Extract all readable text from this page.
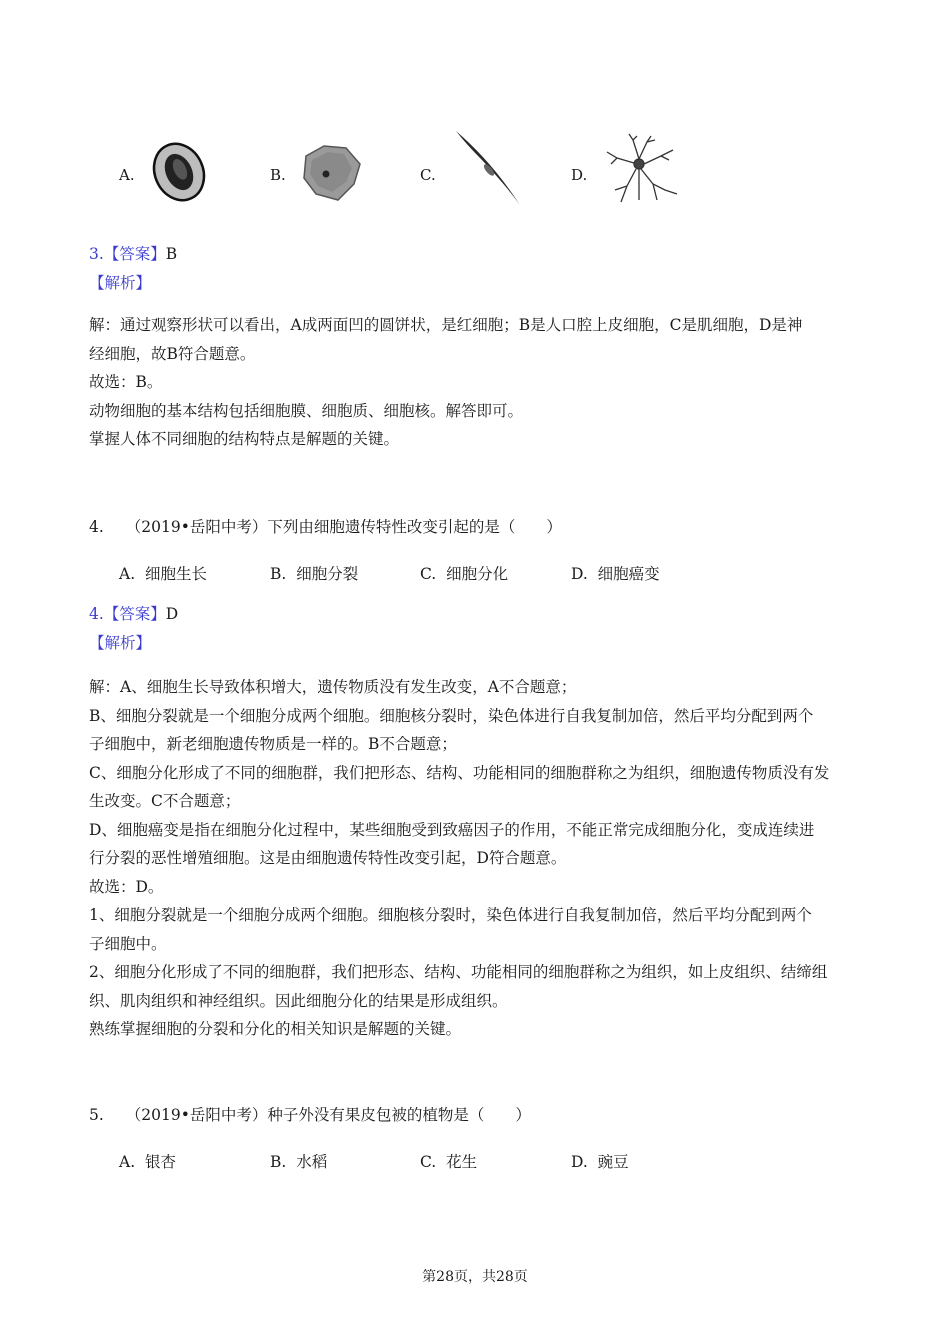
A.	B.	C.	D.
3.【答案】B
【解析】
解：通过观察形状可以看出，A成两面凹的圆饼状，是红细胞；B是人口腔上皮细胞，C是肌细胞，D是神
经细胞，故B符合题意。
故选：B。
动物细胞的基本结构包括细胞膜、细胞质、细胞核。解答即可。
掌握人体不同细胞的结构特点是解题的关键。
4. （2019•岳阳中考）下列由细胞遗传特性改变引起的是（　　）
A. 细胞生长	B. 细胞分裂	C. 细胞分化	D. 细胞癌变
4.【答案】D
【解析】
解：A、细胞生长导致体积增大，遗传物质没有发生改变，A不合题意；
B、细胞分裂就是一个细胞分成两个细胞。细胞核分裂时，染色体进行自我复制加倍，然后平均分配到两个
子细胞中，新老细胞遗传物质是一样的。B不合题意；
C、细胞分化形成了不同的细胞群，我们把形态、结构、功能相同的细胞群称之为组织，细胞遗传物质没有发
生改变。C不合题意；
D、细胞癌变是指在细胞分化过程中，某些细胞受到致癌因子的作用，不能正常完成细胞分化，变成连续进
行分裂的恶性增殖细胞。这是由细胞遗传特性改变引起，D符合题意。
故选：D。
1、细胞分裂就是一个细胞分成两个细胞。细胞核分裂时，染色体进行自我复制加倍，然后平均分配到两个
子细胞中。
2、细胞分化形成了不同的细胞群，我们把形态、结构、功能相同的细胞群称之为组织，如上皮组织、结缔组
织、肌肉组织和神经组织。因此细胞分化的结果是形成组织。
熟练掌握细胞的分裂和分化的相关知识是解题的关键。
5. （2019•岳阳中考）种子外没有果皮包被的植物是（　　）
A. 银杏	B. 水稻	C. 花生	D. 豌豆
第28页，共28页
